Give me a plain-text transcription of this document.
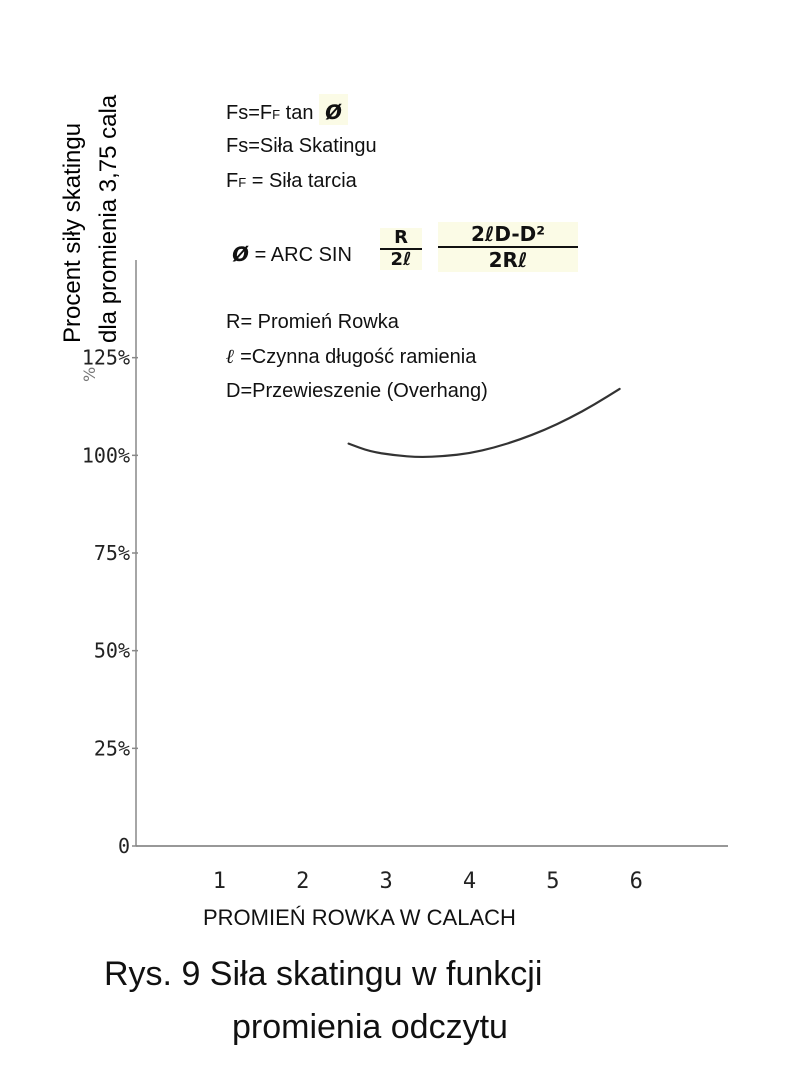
0
25%
50%
75%
100%
125%
1	2	3	4	5	6
Procent siły skatingu dla promienia 3,75 cala
%
Fs=FF tan ø
Fs=Siła Skatingu
FF = Siła tarcia
ø = ARC SIN
R
2ℓ
2ℓD-D²
2Rℓ
R= Promień Rowka
ℓ =Czynna długość ramienia
D=Przewieszenie (Overhang)
PROMIEŃ ROWKA W CALACH
Rys. 9 Siła skatingu w funkcji
promienia odczytu
